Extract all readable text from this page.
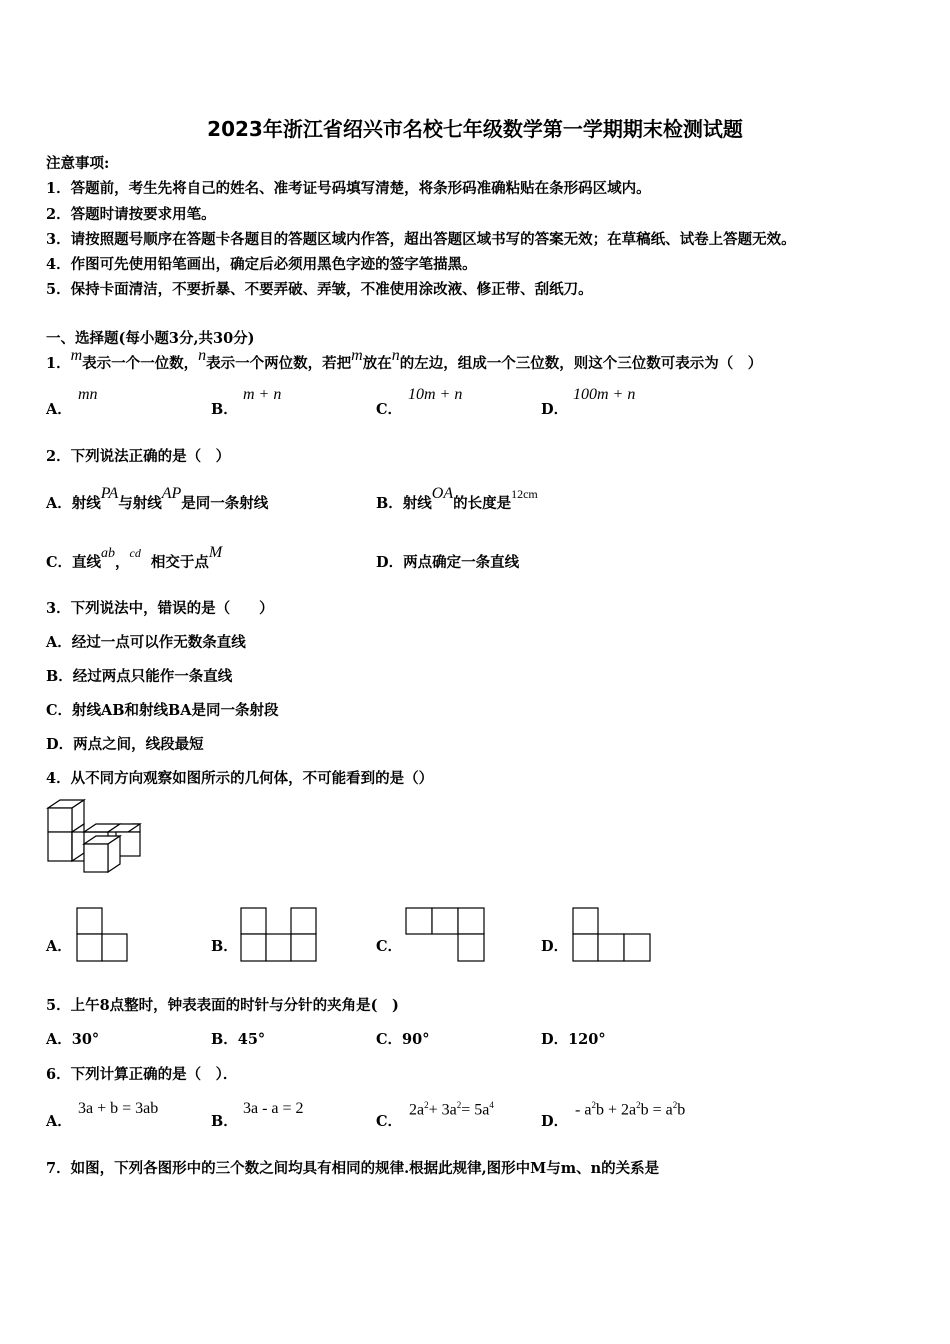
2023年浙江省绍兴市名校七年级数学第一学期期末检测试题
注意事项:
1．答题前，考生先将自己的姓名、准考证号码填写清楚，将条形码准确粘贴在条形码区域内。
2．答题时请按要求用笔。
3．请按照题号顺序在答题卡各题目的答题区域内作答，超出答题区域书写的答案无效；在草稿纸、试卷上答题无效。
4．作图可先使用铅笔画出，确定后必须用黑色字迹的签字笔描黑。
5．保持卡面清洁，不要折暴、不要弄破、弄皱，不准使用涂改液、修正带、刮纸刀。
一、选择题(每小题3分,共30分)
1．m表示一个一位数，n表示一个两位数，若把m放在n的左边，组成一个三位数，则这个三位数可表示为（　）
A．
mn
B．
m + n
C．
10m + n
D．
100m + n
2．下列说法正确的是（　）
A．射线PA与射线AP是同一条射线	B．射线OA的长度是$^{12cm}$
C．直线ab，$^{cd}$相交于点M
D．两点确定一条直线
3．下列说法中，错误的是（　　）
A．经过一点可以作无数条直线
B．经过两点只能作一条直线
C．射线AB和射线BA是同一条射段
D．两点之间，线段最短
4．从不同方向观察如图所示的几何体，不可能看到的是（）
A．	B．	C．	D．
5．上午8点整时，钟表表面的时针与分针的夹角是(　)
A．30°	B．45°	C．90°	D．120°
6．下列计算正确的是（　）．
A．
3a + b = 3ab
B．
3a - a = 2
C．
$2a^2+ 3a^2= 5a^4$
D．
- $a^2b + 2a^2b = a^2b$
7．如图，下列各图形中的三个数之间均具有相同的规律.根据此规律,图形中M与m、n的关系是
